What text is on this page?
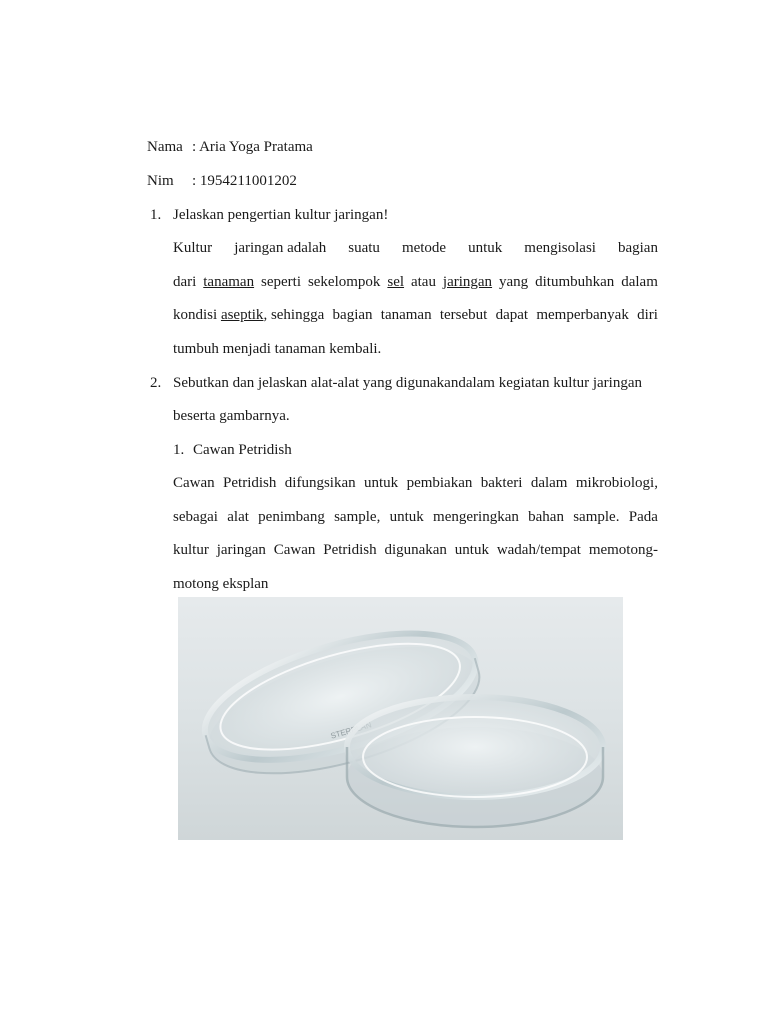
Nama : Aria Yoga Pratama
Nim : 1954211001202
1. Jelaskan pengertian kultur jaringan!
Kultur jaringan adalah suatu metode untuk mengisolasi bagian
dari tanaman seperti sekelompok sel atau jaringan yang ditumbuhkan dalam
kondisi aseptik, sehingga bagian tanaman tersebut dapat memperbanyak diri
tumbuh menjadi tanaman kembali.
2. Sebutkan dan jelaskan alat-alat yang digunakandalam kegiatan kultur jaringan
beserta gambarnya.
1. Cawan Petridish
Cawan Petridish difungsikan untuk pembiakan bakteri dalam mikrobiologi,
sebagai alat penimbang sample, untuk mengeringkan bahan sample. Pada
kultur jaringan Cawan Petridish digunakan untuk wadah/tempat memotong-
motong eksplan
